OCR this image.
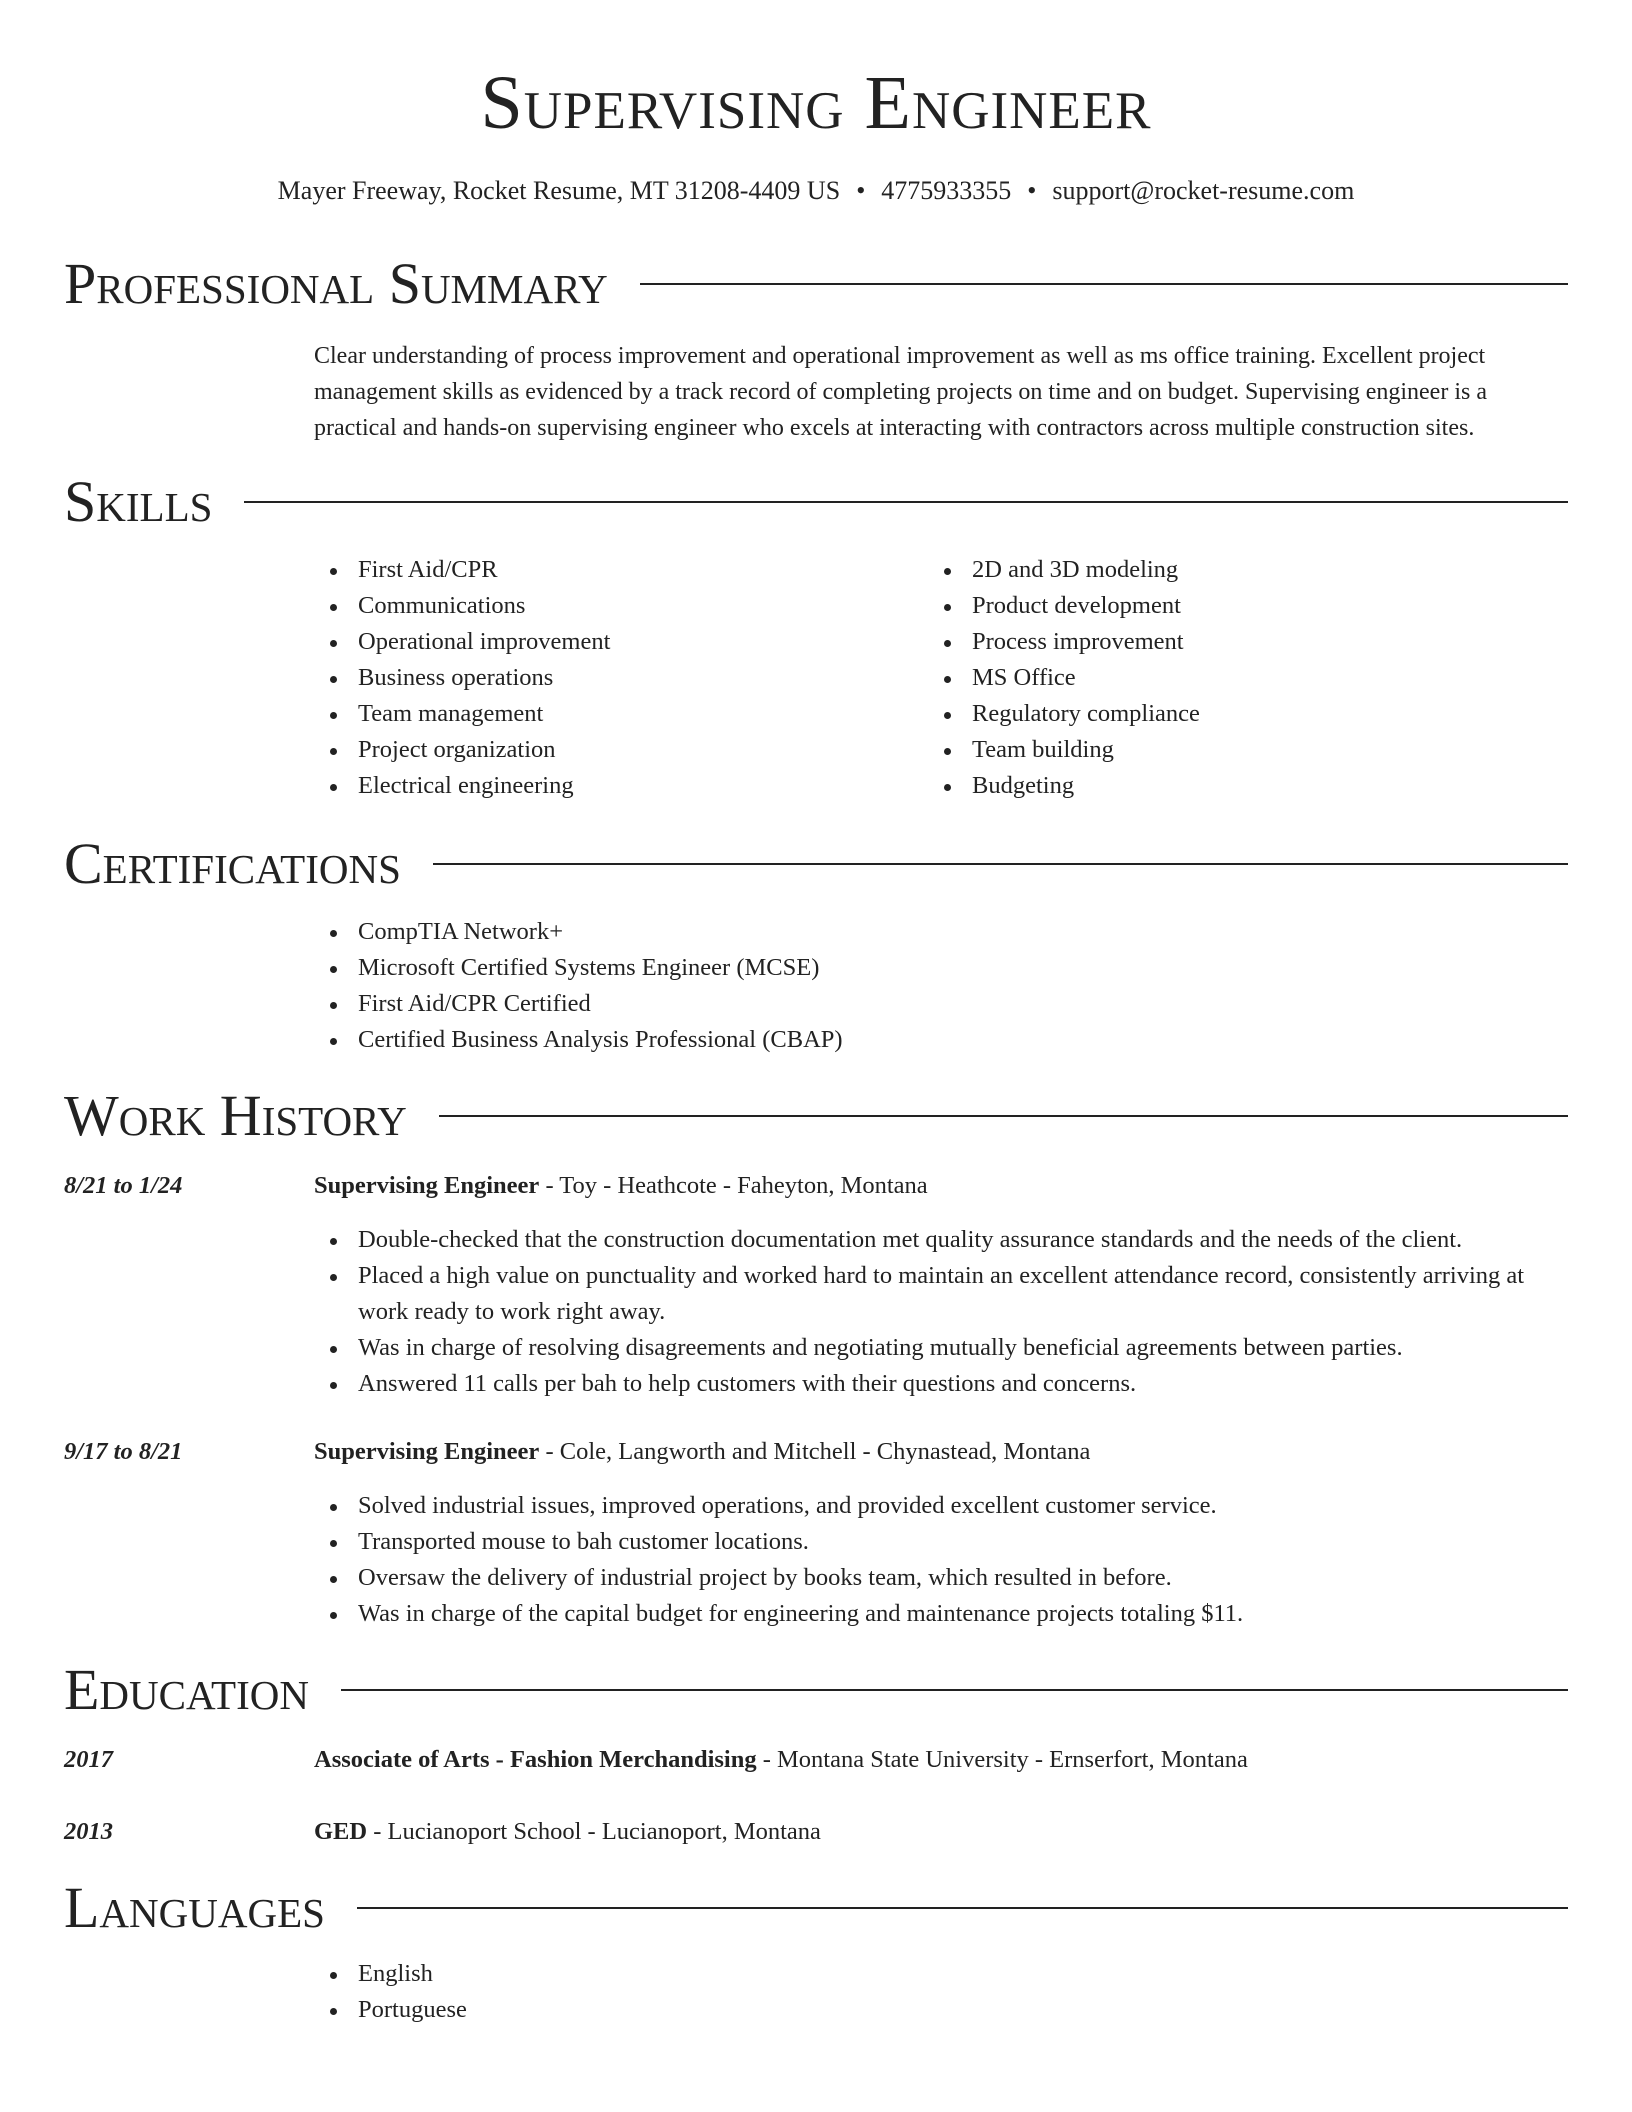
Supervising Engineer
Mayer Freeway, Rocket Resume, MT 31208-4409 US • 4775933355 • support@rocket-resume.com
Professional Summary
Clear understanding of process improvement and operational improvement as well as ms office training. Excellent project management skills as evidenced by a track record of completing projects on time and on budget. Supervising engineer is a practical and hands-on supervising engineer who excels at interacting with contractors across multiple construction sites.
Skills
First Aid/CPR
Communications
Operational improvement
Business operations
Team management
Project organization
Electrical engineering
2D and 3D modeling
Product development
Process improvement
MS Office
Regulatory compliance
Team building
Budgeting
Certifications
CompTIA Network+
Microsoft Certified Systems Engineer (MCSE)
First Aid/CPR Certified
Certified Business Analysis Professional (CBAP)
Work History
8/21 to 1/24	Supervising Engineer - Toy - Heathcote - Faheyton, Montana
Double-checked that the construction documentation met quality assurance standards and the needs of the client.
Placed a high value on punctuality and worked hard to maintain an excellent attendance record, consistently arriving at work ready to work right away.
Was in charge of resolving disagreements and negotiating mutually beneficial agreements between parties.
Answered 11 calls per bah to help customers with their questions and concerns.
9/17 to 8/21	Supervising Engineer - Cole, Langworth and Mitchell - Chynastead, Montana
Solved industrial issues, improved operations, and provided excellent customer service.
Transported mouse to bah customer locations.
Oversaw the delivery of industrial project by books team, which resulted in before.
Was in charge of the capital budget for engineering and maintenance projects totaling $11.
Education
2017	Associate of Arts - Fashion Merchandising - Montana State University - Ernserfort, Montana
2013	GED - Lucianoport School - Lucianoport, Montana
Languages
English
Portuguese
